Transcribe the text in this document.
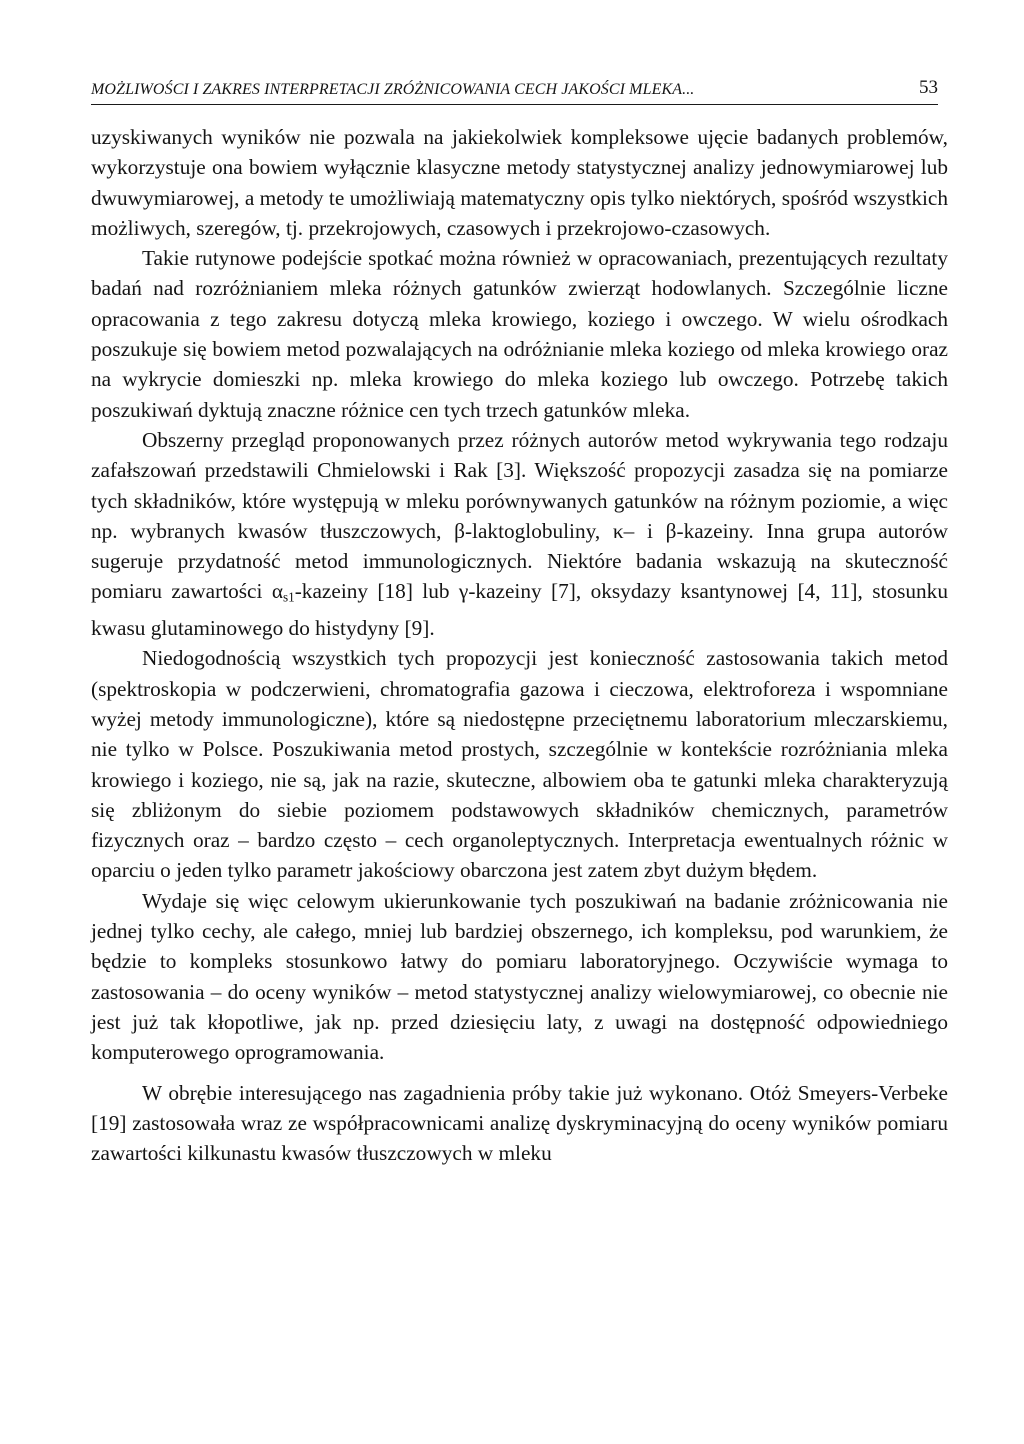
MOŻLIWOŚCI I ZAKRES INTERPRETACJI ZRÓŻNICOWANIA CECH JAKOŚCI MLEKA...	53

uzyskiwanych wyników nie pozwala na jakiekolwiek kompleksowe ujęcie badanych problemów, wykorzystuje ona bowiem wyłącznie klasyczne metody statystycznej analizy jednowymiarowej lub dwuwymiarowej, a metody te umożliwiają matematyczny opis tylko niektórych, spośród wszystkich możliwych, szeregów, tj. przekrojowych, czasowych i przekrojowo-czasowych.

Takie rutynowe podejście spotkać można również w opracowaniach, prezentujących rezultaty badań nad rozróżnianiem mleka różnych gatunków zwierząt hodowlanych. Szczególnie liczne opracowania z tego zakresu dotyczą mleka krowiego, koziego i owczego. W wielu ośrodkach poszukuje się bowiem metod pozwalających na odróżnianie mleka koziego od mleka krowiego oraz na wykrycie domieszki np. mleka krowiego do mleka koziego lub owczego. Potrzebę takich poszukiwań dyktują znaczne różnice cen tych trzech gatunków mleka.

Obszerny przegląd proponowanych przez różnych autorów metod wykrywania tego rodzaju zafałszowań przedstawili Chmielowski i Rak [3]. Większość propozycji zasadza się na pomiarze tych składników, które występują w mleku porównywanych gatunków na różnym poziomie, a więc np. wybranych kwasów tłuszczowych, β-laktoglobuliny, κ– i β-kazeiny. Inna grupa autorów sugeruje przydatność metod immunologicznych. Niektóre badania wskazują na skuteczność pomiaru zawartości $\alpha_{s1}$-kazeiny [18] lub γ-kazeiny [7], oksydazy ksantynowej [4, 11], stosunku kwasu glutaminowego do histydyny [9].

Niedogodnością wszystkich tych propozycji jest konieczność zastosowania takich metod (spektroskopia w podczerwieni, chromatografia gazowa i cieczowa, elektroforeza i wspomniane wyżej metody immunologiczne), które są niedostępne przeciętnemu laboratorium mleczarskiemu, nie tylko w Polsce. Poszukiwania metod prostych, szczególnie w kontekście rozróżniania mleka krowiego i koziego, nie są, jak na razie, skuteczne, albowiem oba te gatunki mleka charakteryzują się zbliżonym do siebie poziomem podstawowych składników chemicznych, parametrów fizycznych oraz – bardzo często – cech organoleptycznych. Interpretacja ewentualnych różnic w oparciu o jeden tylko parametr jakościowy obarczona jest zatem zbyt dużym błędem.

Wydaje się więc celowym ukierunkowanie tych poszukiwań na badanie zróżnicowania nie jednej tylko cechy, ale całego, mniej lub bardziej obszernego, ich kompleksu, pod warunkiem, że będzie to kompleks stosunkowo łatwy do pomiaru laboratoryjnego. Oczywiście wymaga to zastosowania – do oceny wyników – metod statystycznej analizy wielowymiarowej, co obecnie nie jest już tak kłopotliwe, jak np. przed dziesięciu laty, z uwagi na dostępność odpowiedniego komputerowego oprogramowania.

W obrębie interesującego nas zagadnienia próby takie już wykonano. Otóż Smeyers-Verbeke [19] zastosowała wraz ze współpracownicami analizę dyskryminacyjną do oceny wyników pomiaru zawartości kilkunastu kwasów tłuszczowych w mleku
